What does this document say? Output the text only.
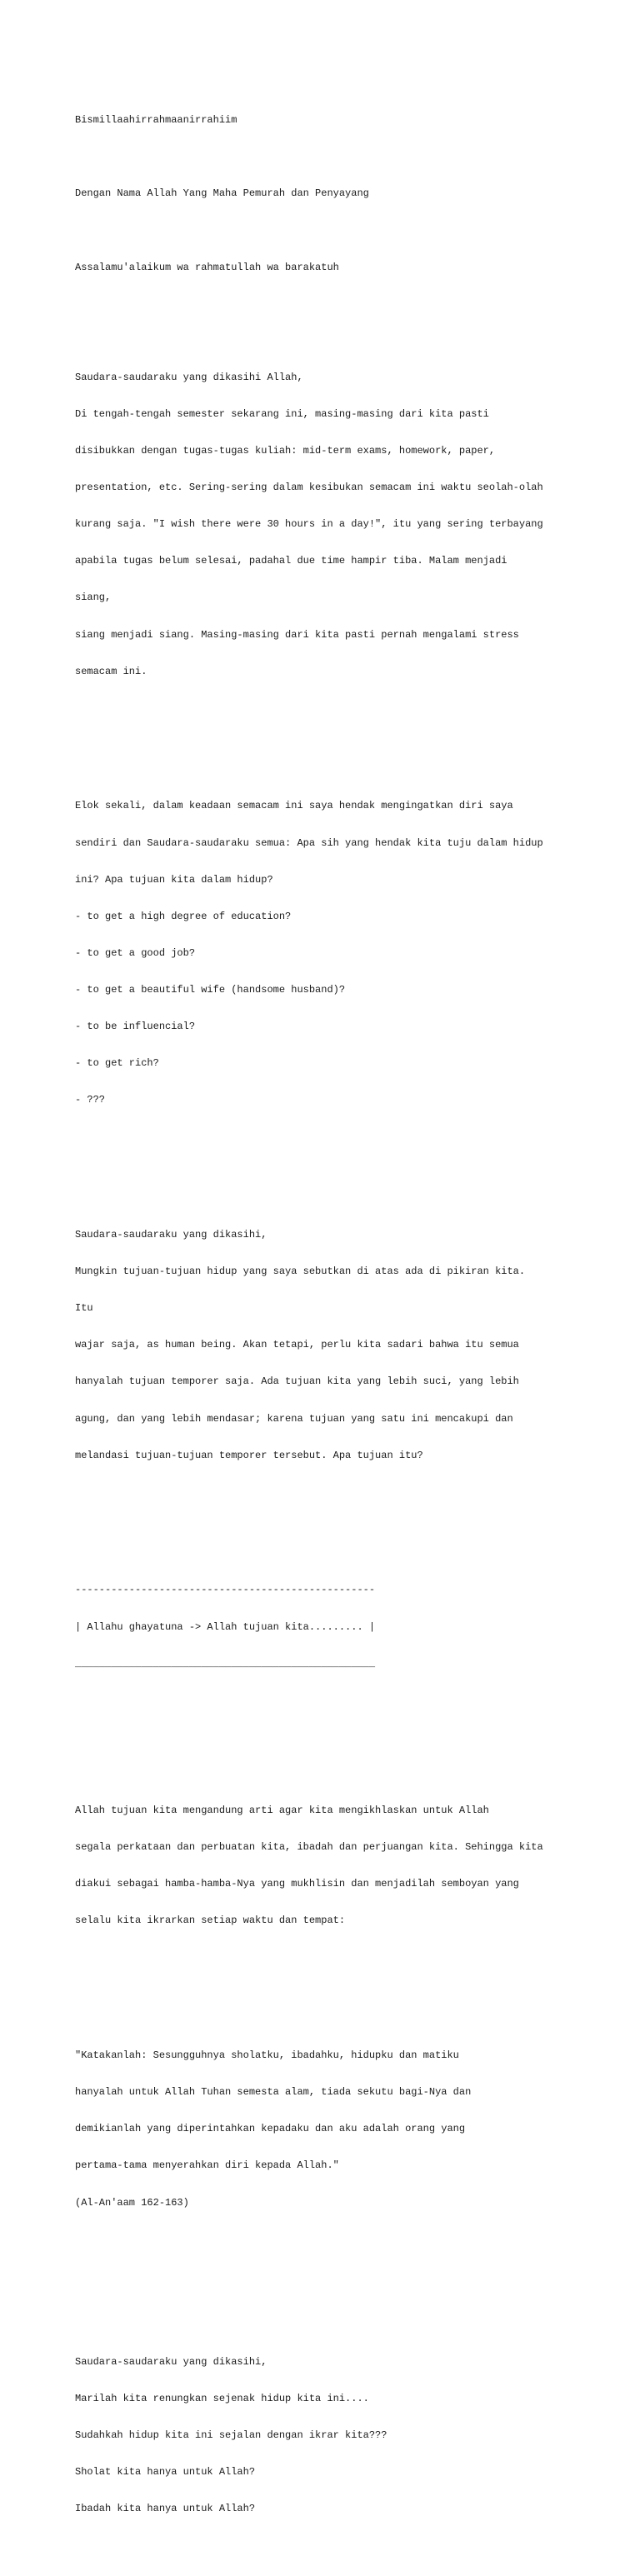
Bismillaahirrahmaanirrahiim

Dengan Nama Allah Yang Maha Pemurah dan Penyayang

Assalamu'alaikum wa rahmatullah wa barakatuh

Saudara-saudaraku yang dikasihi Allah,

Di tengah-tengah semester sekarang ini, masing-masing dari kita pasti

disibukkan dengan tugas-tugas kuliah: mid-term exams, homework, paper,

presentation, etc. Sering-sering dalam kesibukan semacam ini waktu seolah-olah

kurang saja. "I wish there were 30 hours in a day!", itu yang sering terbayang

apabila tugas belum selesai, padahal due time hampir tiba. Malam menjadi

siang,

siang menjadi siang. Masing-masing dari kita pasti pernah mengalami stress

semacam ini.

Elok sekali, dalam keadaan semacam ini saya hendak mengingatkan diri saya

sendiri dan Saudara-saudaraku semua: Apa sih yang hendak kita tuju dalam hidup

ini? Apa tujuan kita dalam hidup?

- to get a high degree of education?

- to get a good job?

- to get a beautiful wife (handsome husband)?

- to be influencial?

- to get rich?

- ???

Saudara-saudaraku yang dikasihi,

Mungkin tujuan-tujuan hidup yang saya sebutkan di atas ada di pikiran kita.

Itu

wajar saja, as human being. Akan tetapi, perlu kita sadari bahwa itu semua

hanyalah tujuan temporer saja. Ada tujuan kita yang lebih suci, yang lebih

agung, dan yang lebih mendasar; karena tujuan yang satu ini mencakupi dan

melandasi tujuan-tujuan temporer tersebut. Apa tujuan itu?

--------------------------------------------------

| Allahu ghayatuna -> Allah tujuan kita......... |

__________________________________________________

Allah tujuan kita mengandung arti agar kita mengikhlaskan untuk Allah

segala perkataan dan perbuatan kita, ibadah dan perjuangan kita. Sehingga kita

diakui sebagai hamba-hamba-Nya yang mukhlisin dan menjadilah semboyan yang

selalu kita ikrarkan setiap waktu dan tempat:

"Katakanlah: Sesungguhnya sholatku, ibadahku, hidupku dan matiku

hanyalah untuk Allah Tuhan semesta alam, tiada sekutu bagi-Nya dan

demikianlah yang diperintahkan kepadaku dan aku adalah orang yang

pertama-tama menyerahkan diri kepada Allah."

(Al-An'aam 162-163)

Saudara-saudaraku yang dikasihi,

Marilah kita renungkan sejenak hidup kita ini....

Sudahkah hidup kita ini sejalan dengan ikrar kita???

Sholat kita hanya untuk Allah?

Ibadah kita hanya untuk Allah?
